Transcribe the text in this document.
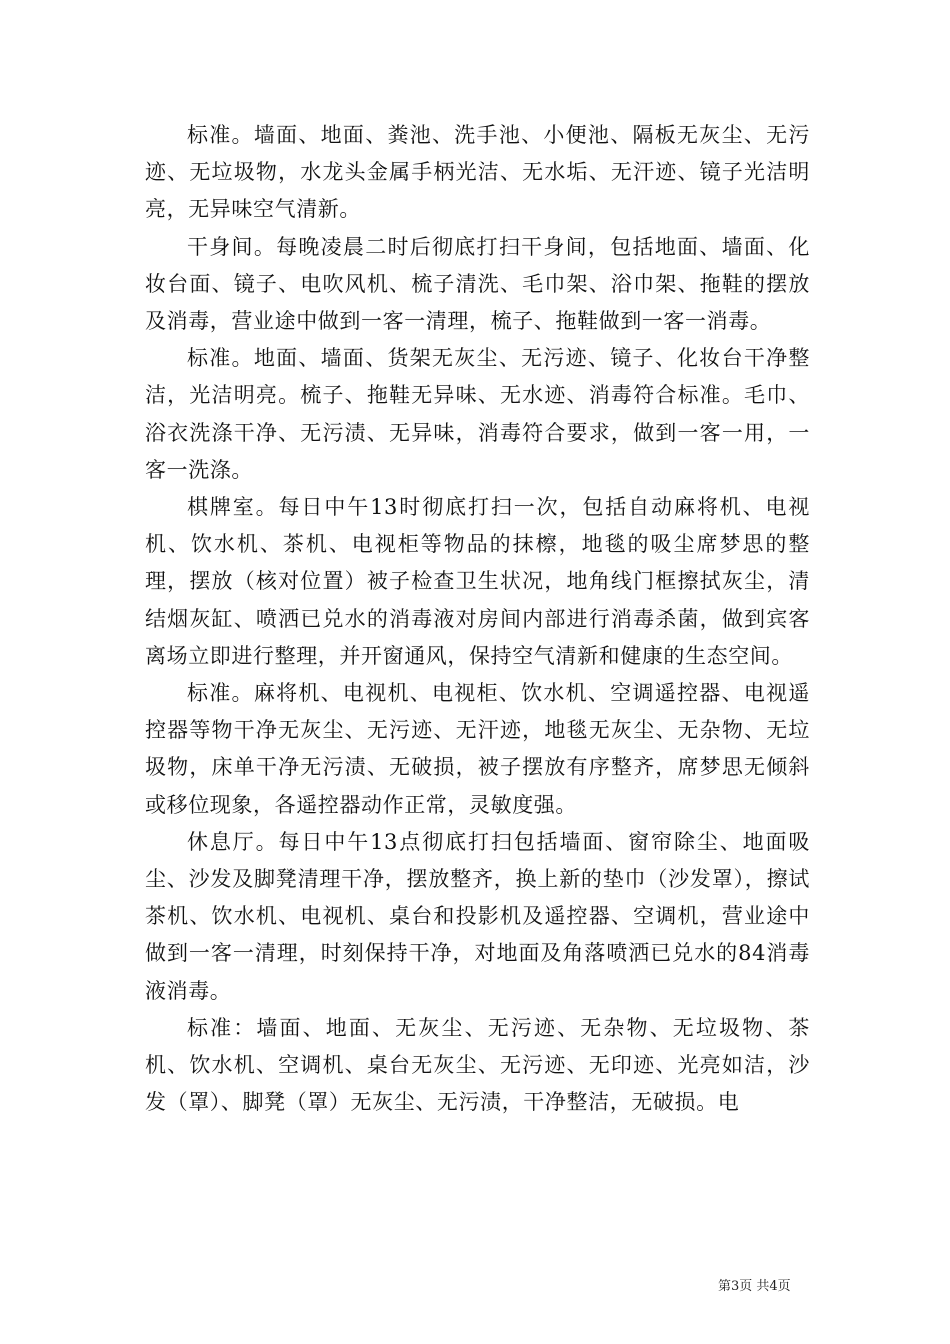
标准。墙面、地面、粪池、洗手池、小便池、隔板无灰尘、无污迹、无垃圾物，水龙头金属手柄光洁、无水垢、无汗迹、镜子光洁明亮，无异味空气清新。

干身间。每晚凌晨二时后彻底打扫干身间，包括地面、墙面、化妆台面、镜子、电吹风机、梳子清洗、毛巾架、浴巾架、拖鞋的摆放及消毒，营业途中做到一客一清理，梳子、拖鞋做到一客一消毒。

标准。地面、墙面、货架无灰尘、无污迹、镜子、化妆台干净整洁，光洁明亮。梳子、拖鞋无异味、无水迹、消毒符合标准。毛巾、浴衣洗涤干净、无污渍、无异味，消毒符合要求，做到一客一用，一客一洗涤。

棋牌室。每日中午13时彻底打扫一次，包括自动麻将机、电视机、饮水机、茶机、电视柜等物品的抹檫，地毯的吸尘席梦思的整理，摆放（核对位置）被子检查卫生状况，地角线门框擦拭灰尘，清结烟灰缸、喷洒已兑水的消毒液对房间内部进行消毒杀菌，做到宾客离场立即进行整理，并开窗通风，保持空气清新和健康的生态空间。

标准。麻将机、电视机、电视柜、饮水机、空调遥控器、电视遥控器等物干净无灰尘、无污迹、无汗迹，地毯无灰尘、无杂物、无垃圾物，床单干净无污渍、无破损，被子摆放有序整齐，席梦思无倾斜或移位现象，各遥控器动作正常，灵敏度强。

休息厅。每日中午13点彻底打扫包括墙面、窗帘除尘、地面吸尘、沙发及脚凳清理干净，摆放整齐，换上新的垫巾（沙发罩），擦试茶机、饮水机、电视机、桌台和投影机及遥控器、空调机，营业途中做到一客一清理，时刻保持干净，对地面及角落喷洒已兑水的84消毒液消毒。

标准：墙面、地面、无灰尘、无污迹、无杂物、无垃圾物、茶机、饮水机、空调机、桌台无灰尘、无污迹、无印迹、光亮如洁，沙发（罩）、脚凳（罩）无灰尘、无污渍，干净整洁，无破损。电

第3页 共4页
